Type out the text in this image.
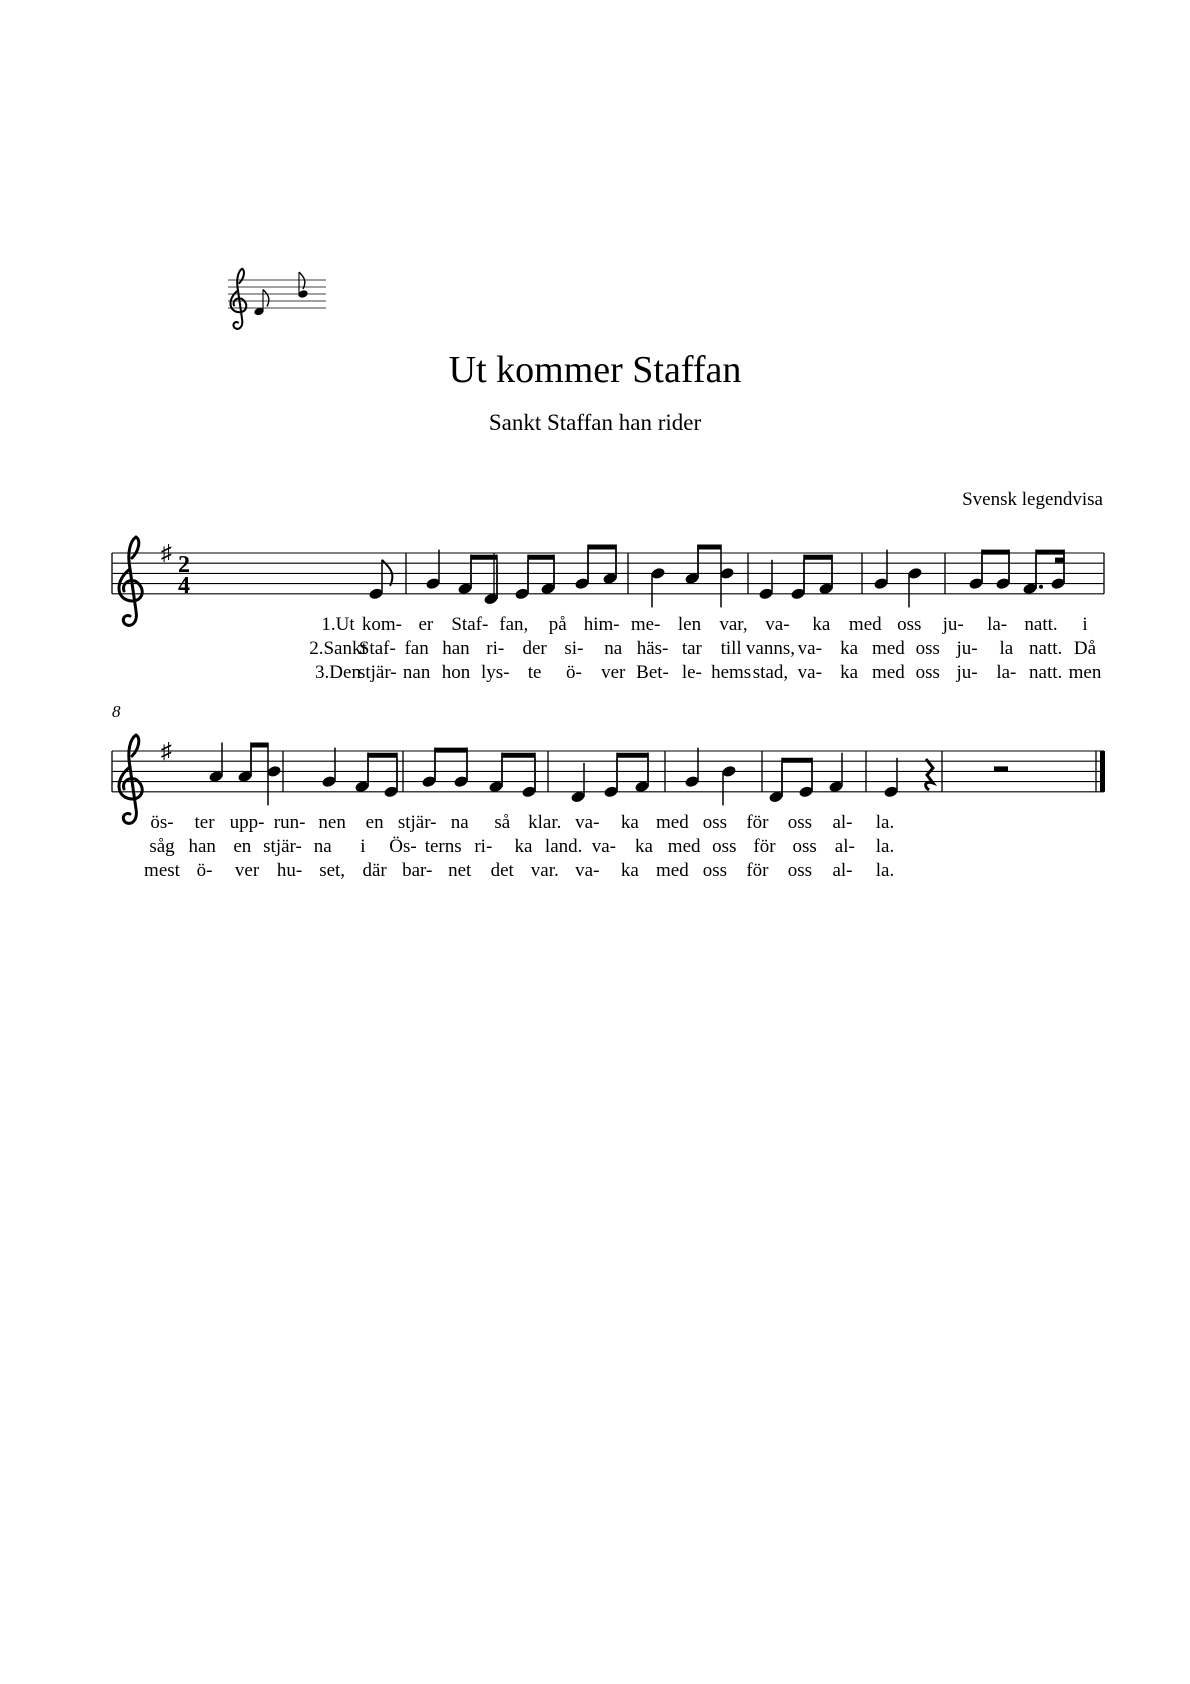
Ut kommer Staffan
Sankt Staffan han rider
Svensk legendvisa
♯ 2
4
1.Ut kom- er Staf- fan, på him- me- len var, va- ka med oss ju- la- natt. i
2.Sankt
Staf- fan han ri- der si- na häs- tar till vanns, va- ka med oss ju- la natt. Då
3.Den
stjär- nan hon lys- te ö- ver Bet- le- hems stad, va- ka med oss ju- la- natt. men
♯
ös- ter upp- run- nen en stjär- na så klar. va- ka med oss för oss al- la.
såg han en stjär- na i Ös- terns ri- ka land. va- ka med oss för oss al- la.
mest ö- ver hu- set, där bar- net det var. va- ka med oss för oss al- la.
8
